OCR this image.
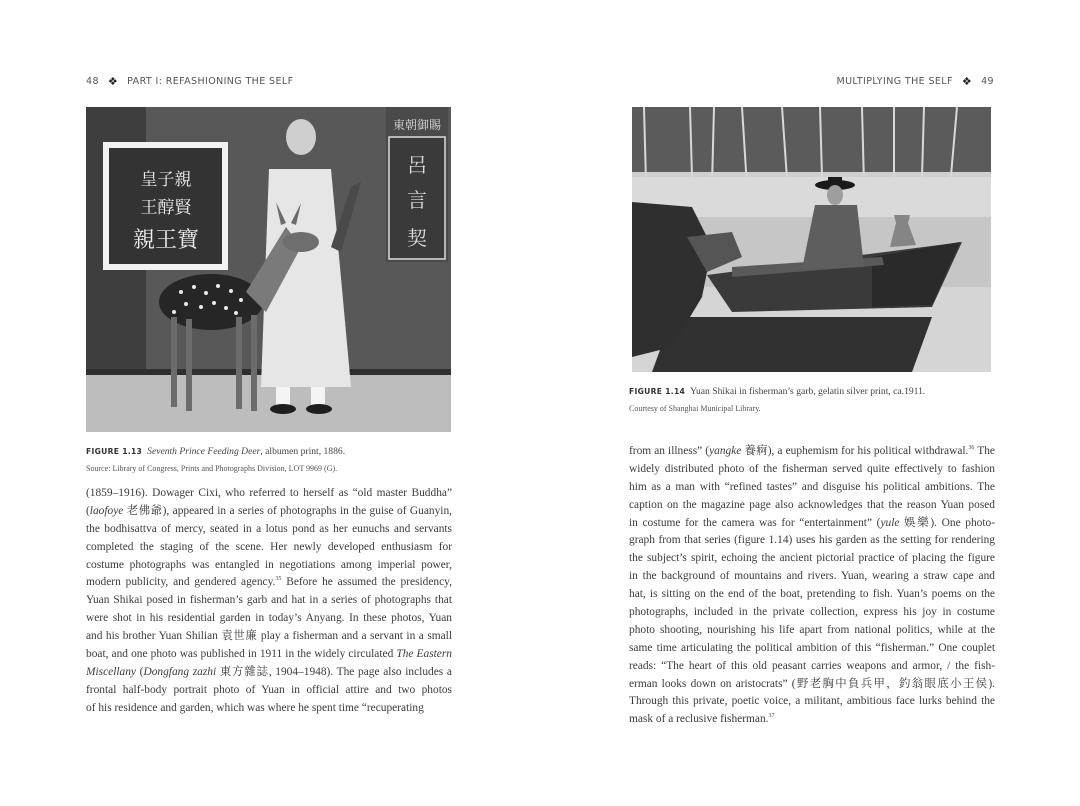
48 ❖ PART I: REFASHIONING THE SELF
皇子親
王醇賢
親王寶
東朝御賜
呂
言
契
FIGURE 1.13 Seventh Prince Feeding Deer, albumen print, 1886.
Source: Library of Congress, Prints and Photographs Division, LOT 9969 (G).
(1859–1916). Dowager Cixi, who referred to herself as “old master Buddha”
(laofoye 老佛爺), appeared in a series of photographs in the guise of Guanyin,
the bodhisattva of mercy, seated in a lotus pond as her eunuchs and servants
completed the staging of the scene. Her newly developed enthusiasm for
costume photographs was entangled in negotiations among imperial power,
modern publicity, and gendered agency.$^{35}$ Before he assumed the presidency,
Yuan Shikai posed in fisherman’s garb and hat in a series of photographs that
were shot in his residential garden in today’s Anyang. In these photos, Yuan
and his brother Yuan Shilian 袁世廉 play a fisherman and a servant in a small
boat, and one photo was published in 1911 in the widely circulated The Eastern
Miscellany (Dongfang zazhi 東方雜誌, 1904–1948). The page also includes a
frontal half-body portrait photo of Yuan in official attire and two photos
of his residence and garden, which was where he spent time “recuperating
MULTIPLYING THE SELF ❖ 49
FIGURE 1.14 Yuan Shikai in fisherman’s garb, gelatin silver print, ca.1911.
Courtesy of Shanghai Municipal Library.
from an illness” (yangke 養痾), a euphemism for his political withdrawal.$^{36}$ The
widely distributed photo of the fisherman served quite effectively to fashion
him as a man with “refined tastes” and disguise his political ambitions. The
caption on the magazine page also acknowledges that the reason Yuan posed
in costume for the camera was for “entertainment” (yule 娛樂). One photo-
graph from that series (figure 1.14) uses his garden as the setting for rendering
the subject’s spirit, echoing the ancient pictorial practice of placing the figure
in the background of mountains and rivers. Yuan, wearing a straw cape and
hat, is sitting on the end of the boat, pretending to fish. Yuan’s poems on the
photographs, included in the private collection, express his joy in costume
photo shooting, nourishing his life apart from national politics, while at the
same time articulating the political ambition of this “fisherman.” One couplet
reads: “The heart of this old peasant carries weapons and armor, / the fish-
erman looks down on aristocrats” (野老胸中負兵甲，釣翁眼底小王侯).
Through this private, poetic voice, a militant, ambitious face lurks behind the
mask of a reclusive fisherman.$^{37}$
